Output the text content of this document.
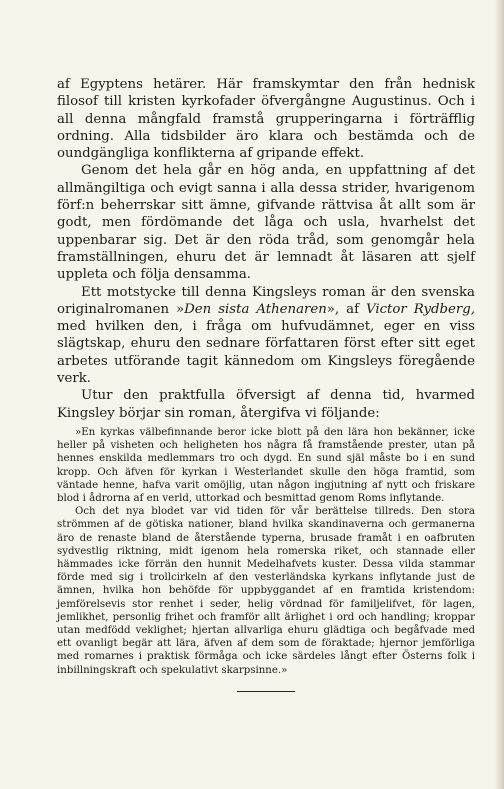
af Egyptens hetärer. Här framskymtar den från hednisk filosof till kristen kyrkofader öfvergångne Augustinus. Och i all denna mångfald framstå grupperingarna i förträfflig ordning. Alla tidsbilder äro klara och bestämda och de oundgängliga konflikterna af gripande effekt.

Genom det hela går en hög anda, en uppfattning af det allmängiltiga och evigt sanna i alla dessa strider, hvarigenom förf:n beherrskar sitt ämne, gifvande rättvisa åt allt som är godt, men fördömande det låga och usla, hvarhelst det uppenbarar sig. Det är den röda tråd, som genomgår hela framställningen, ehuru det är lemnadt åt läsaren att sjelf uppleta och följa densamma.

Ett motstycke till denna Kingsleys roman är den svenska originalromanen »Den sista Athenaren», af Victor Rydberg, med hvilken den, i fråga om hufvudämnet, eger en viss slägtskap, ehuru den sednare författaren först efter sitt eget arbetes utförande tagit kännedom om Kingsleys föregående verk.

Utur den praktfulla öfversigt af denna tid, hvarmed Kingsley börjar sin roman, återgifva vi följande:

»En kyrkas välbefinnande beror icke blott på den lära hon bekänner, icke heller på visheten och heligheten hos några få framstående prester, utan på hennes enskilda medlemmars tro och dygd. En sund själ måste bo i en sund kropp. Och äfven för kyrkan i Westerlandet skulle den höga framtid, som väntade henne, hafva varit omöjlig, utan någon ingjutning af nytt och friskare blod i ådrorna af en verld, uttorkad och besmittad genom Roms inflytande.

Och det nya blodet var vid tiden för vår berättelse tillreds. Den stora strömmen af de götiska nationer, bland hvilka skandinaverna och germanerna äro de renaste bland de återstående typerna, brusade framåt i en oafbruten sydvestlig riktning, midt igenom hela romerska riket, och stannade eller hämmades icke förrän den hunnit Medelhafvets kuster. Dessa vilda stammar förde med sig i trollcirkeln af den vesterländska kyrkans inflytande just de ämnen, hvilka hon behöfde för uppbyggandet af en framtida kristendom: jemförelsevis stor renhet i seder, helig vördnad för familjelifvet, för lagen, jemlikhet, personlig frihet och framför allt ärlighet i ord och handling; kroppar utan medfödd veklighet; hjertan allvarliga ehuru glädtiga och begåfvade med ett ovanligt begär att lära, äfven af dem som de föraktade; hjernor jemförliga med romarnes i praktisk förmåga och icke särdeles långt efter Österns folk i inbillningskraft och spekulativt skarpsinne.»
